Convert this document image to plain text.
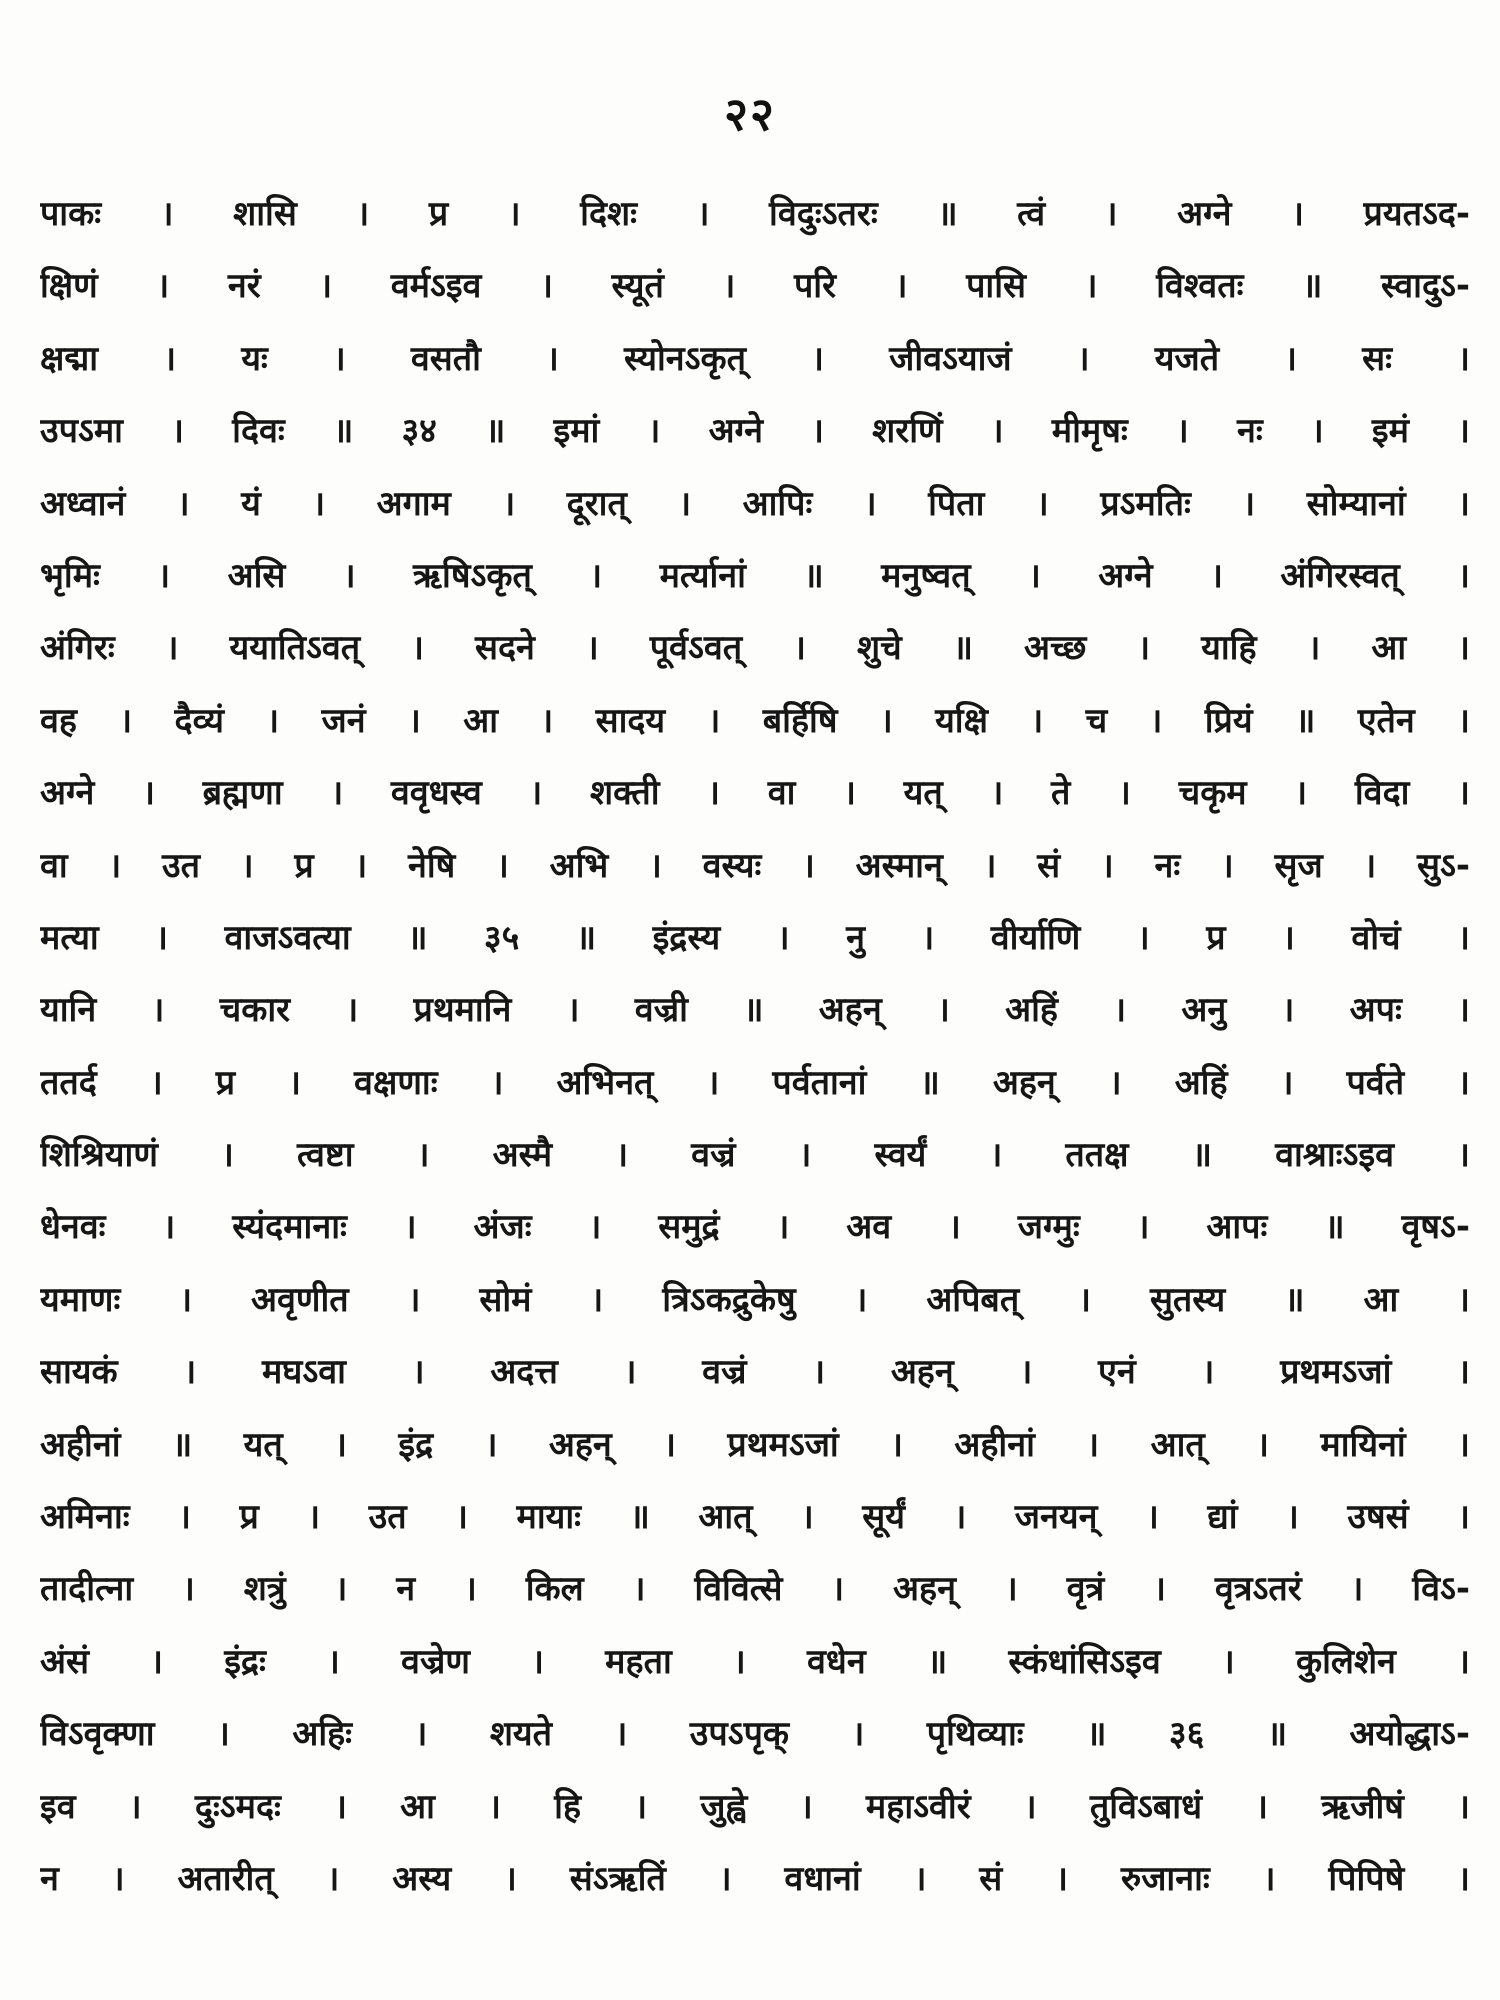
२२
पाकः । शासि । प्र । दिशः । विदुःऽतरः ॥ त्वं । अग्ने । प्रयतऽद-
क्षिणं । नरं । वर्मऽइव । स्यूतं । परि । पासि । विश्वतः ॥ स्वादुऽ-
क्षद्मा । यः । वसतौ । स्योनऽकृत् । जीवऽयाजं । यजते । सः ।
उपऽमा । दिवः ॥ ३४ ॥ इमां । अग्ने । शरणिं । मीमृषः । नः । इमं ।
अध्वानं । यं । अगाम । दूरात् । आपिः । पिता । प्रऽमतिः । सोम्यानां ।
भृमिः । असि । ऋषिऽकृत् । मर्त्यानां ॥ मनुष्वत् । अग्ने । अंगिरस्वत् ।
अंगिरः । ययातिऽवत् । सदने । पूर्वऽवत् । शुचे ॥ अच्छ । याहि । आ ।
वह । दैव्यं । जनं । आ । सादय । बर्हिषि । यक्षि । च । प्रियं ॥ एतेन ।
अग्ने । ब्रह्मणा । ववृधस्व । शक्ती । वा । यत् । ते । चकृम । विदा ।
वा । उत । प्र । नेषि । अभि । वस्यः । अस्मान् । सं । नः । सृज । सुऽ-
मत्या । वाजऽवत्या ॥ ३५ ॥ इंद्रस्य । नु । वीर्याणि । प्र । वोचं ।
यानि । चकार । प्रथमानि । वज्री ॥ अहन् । अहिं । अनु । अपः ।
ततर्द । प्र । वक्षणाः । अभिनत् । पर्वतानां ॥ अहन् । अहिं । पर्वते ।
शिश्रियाणं । त्वष्टा । अस्मै । वज्रं । स्वर्यं । ततक्ष ॥ वाश्राःऽइव ।
धेनवः । स्यंदमानाः । अंजः । समुद्रं । अव । जग्मुः । आपः ॥ वृषऽ-
यमाणः । अवृणीत । सोमं । त्रिऽकद्रुकेषु । अपिबत् । सुतस्य ॥ आ ।
सायकं । मघऽवा । अदत्त । वज्रं । अहन् । एनं । प्रथमऽजां ।
अहीनां ॥ यत् । इंद्र । अहन् । प्रथमऽजां । अहीनां । आत् । मायिनां ।
अमिनाः । प्र । उत । मायाः ॥ आत् । सूर्यं । जनयन् । द्यां । उषसं ।
तादीत्ना । शत्रुं । न । किल । विवित्से । अहन् । वृत्रं । वृत्रऽतरं । विऽ-
अंसं । इंद्रः । वज्रेण । महता । वधेन ॥ स्कंधांसिऽइव । कुलिशेन ।
विऽवृक्णा । अहिः । शयते । उपऽपृक् । पृथिव्याः ॥ ३६ ॥ अयोद्धाऽ-
इव । दुःऽमदः । आ । हि । जुह्वे । महाऽवीरं । तुविऽबाधं । ऋजीषं ।
न । अतारीत् । अस्य । संऽऋतिं । वधानां । सं । रुजानाः । पिपिषे ।
